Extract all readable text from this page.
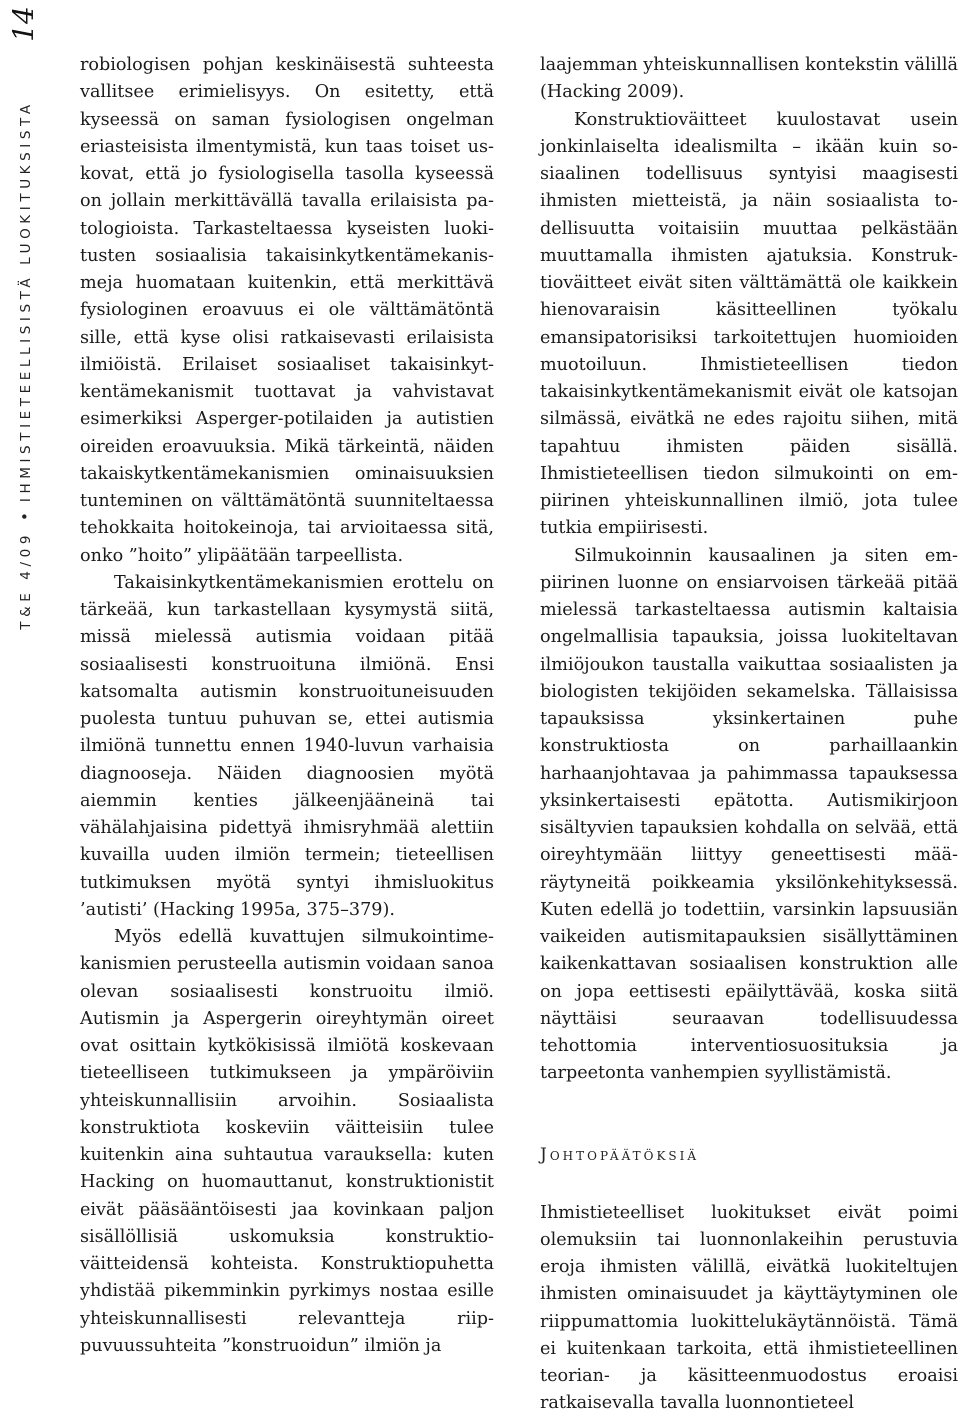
14
T&E 4/09•IHMISTIETEELLISISTÄ LUOKITUKSISTA

robiologisen pohjan keskinäisestä suhteesta vallitsee erimielisyys. On esitetty, että kyseessä on saman fysiologisen ongelman eriasteisista ilmentymistä, kun taas toiset uskovat, että jo fysiologisella tasolla kyseessä on jollain merkittävällä tavalla erilaisista patologioista. Tarkasteltaessa kyseisten luokitusten sosiaalisia takaisinkytkentämekanismeja huomataan kuitenkin, että merkittävä fysiologinen eroavuus ei ole välttämätöntä sille, että kyse olisi ratkaisevasti erilaisista ilmiöistä. Erilaiset sosiaaliset takaisinkytkentämekanismit tuottavat ja vahvistavat esimerkiksi Asperger-potilaiden ja autistien oireiden eroavuuksia. Mikä tärkeintä, näiden takaiskytkentämekanismien ominaisuuksien tunteminen on välttämätöntä suunniteltaessa tehokkaita hoitokeinoja, tai arvioitaessa sitä, onko ”hoito” ylipäätään tarpeellista.

Takaisinkytkentämekanismien erottelu on tärkeää, kun tarkastellaan kysymystä siitä, missä mielessä autismia voidaan pitää sosiaalisesti konstruoituna ilmiönä. Ensi katsomalta autismin konstruoituneisuuden puolesta tuntuu puhuvan se, ettei autismia ilmiönä tunnettu ennen 1940-luvun varhaisia diagnooseja. Näiden diagnoosien myötä aiemmin kenties jälkeenjääneinä tai vähälahjaisina pidettyä ihmisryhmää alettiin kuvailla uuden ilmiön termein; tieteellisen tutkimuksen myötä syntyi ihmisluokitus ’autisti’ (Hacking 1995a, 375–379).

Myös edellä kuvattujen silmukointimekanismien perusteella autismin voidaan sanoa olevan sosiaalisesti konstruoitu ilmiö. Autismin ja Aspergerin oireyhtymän oireet ovat osittain kytkökisissä ilmiötä koskevaan tieteelliseen tutkimukseen ja ympäröiviin yhteiskunnallisiin arvoihin. Sosiaalista konstruktiota koskeviin väitteisiin tulee kuitenkin aina suhtautua varauksella: kuten Hacking on huomauttanut, konstruktionistit eivät pääsääntöisesti jaa kovinkaan paljon sisällöllisiä uskomuksia konstruktioväitteidensä kohteista. Konstruktiopuhetta yhdistää pikemminkin pyrkimys nostaa esille yhteiskunnallisesti relevantteja riippuvuussuhteita ”konstruoidun” ilmiön ja

laajemman yhteiskunnallisen kontekstin välillä (Hacking 2009).

Konstruktioväitteet kuulostavat usein jonkinlaiselta idealismilta – ikään kuin sosiaalinen todellisuus syntyisi maagisesti ihmisten mietteistä, ja näin sosiaalista todellisuutta voitaisiin muuttaa pelkästään muuttamalla ihmisten ajatuksia. Konstruktioväitteet eivät siten välttämättä ole kaikkein hienovaraisin käsitteellinen työkalu emansipatorisiksi tarkoitettujen huomioiden muotoiluun. Ihmistieteellisen tiedon takaisinkytkentämekanismit eivät ole katsojan silmässä, eivätkä ne edes rajoitu siihen, mitä tapahtuu ihmisten päiden sisällä. Ihmistieteellisen tiedon silmukointi on empiirinen yhteiskunnallinen ilmiö, jota tulee tutkia empiirisesti.

Silmukoinnin kausaalinen ja siten empiirinen luonne on ensiarvoisen tärkeää pitää mielessä tarkasteltaessa autismin kaltaisia ongelmallisia tapauksia, joissa luokiteltavan ilmiöjoukon taustalla vaikuttaa sosiaalisten ja biologisten tekijöiden sekamelska. Tällaisissa tapauksissa yksinkertainen puhe konstruktiosta on parhaillaankin harhaanjohtavaa ja pahimmassa tapauksessa yksinkertaisesti epätotta. Autismikirjoon sisältyvien tapauksien kohdalla on selvää, että oireyhtymään liittyy geneettisesti määräytyneitä poikkeamia yksilönkehityksessä. Kuten edellä jo todettiin, varsinkin lapsuusiän vaikeiden autismitapauksien sisällyttäminen kaikenkattavan sosiaalisen konstruktion alle on jopa eettisesti epäilyttävää, koska siitä näyttäisi seuraavan todellisuudessa tehottomia interventiosuosituksia ja tarpeetonta vanhempien syyllistämistä.

Johtopäätöksiä

Ihmistieteelliset luokitukset eivät poimi olemuksiin tai luonnonlakeihin perustuvia eroja ihmisten välillä, eivätkä luokiteltujen ihmisten ominaisuudet ja käyttäytyminen ole riippumattomia luokittelukäytännöistä. Tämä ei kuitenkaan tarkoita, että ihmistieteellinen teorian- ja käsitteenmuodostus eroaisi ratkaisevalla tavalla luonnontieteel
